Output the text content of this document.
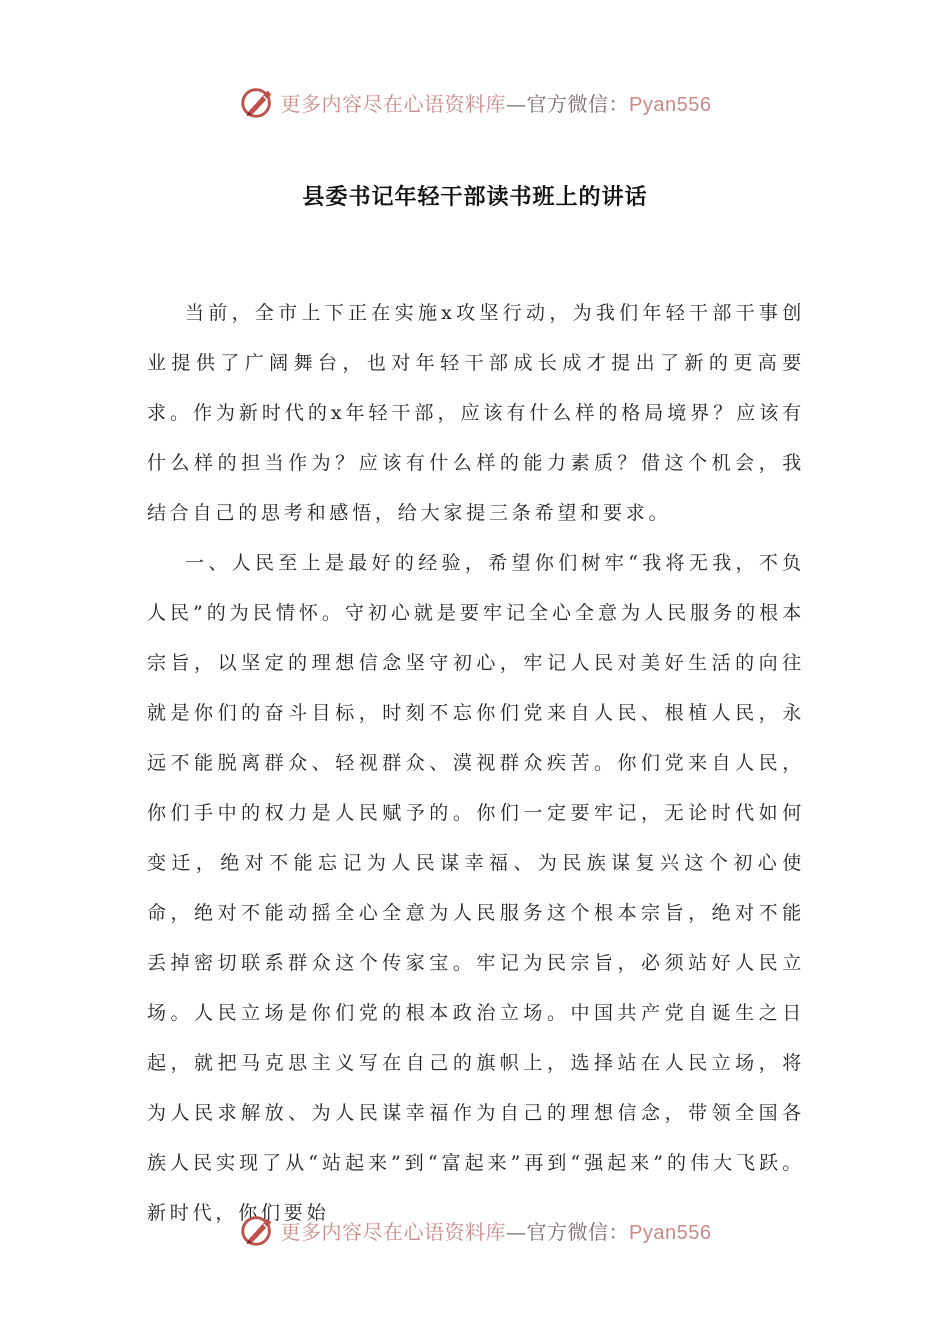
更多内容尽在心语资料库—官方微信：Pyan556
县委书记年轻干部读书班上的讲话

当前，全市上下正在实施x攻坚行动，为我们年轻干部干事创业提供了广阔舞台，也对年轻干部成长成才提出了新的更高要求。作为新时代的x年轻干部，应该有什么样的格局境界？应该有什么样的担当作为？应该有什么样的能力素质？借这个机会，我结合自己的思考和感悟，给大家提三条希望和要求。

一、人民至上是最好的经验，希望你们树牢“我将无我，不负人民”的为民情怀。守初心就是要牢记全心全意为人民服务的根本宗旨，以坚定的理想信念坚守初心，牢记人民对美好生活的向往就是你们的奋斗目标，时刻不忘你们党来自人民、根植人民，永远不能脱离群众、轻视群众、漠视群众疾苦。你们党来自人民，你们手中的权力是人民赋予的。你们一定要牢记，无论时代如何变迁，绝对不能忘记为人民谋幸福、为民族谋复兴这个初心使命，绝对不能动摇全心全意为人民服务这个根本宗旨，绝对不能丢掉密切联系群众这个传家宝。牢记为民宗旨，必须站好人民立场。人民立场是你们党的根本政治立场。中国共产党自诞生之日起，就把马克思主义写在自己的旗帜上，选择站在人民立场，将为人民求解放、为人民谋幸福作为自己的理想信念，带领全国各族人民实现了从“站起来”到“富起来”再到“强起来”的伟大飞跃。新时代，你们要始

更多内容尽在心语资料库—官方微信：Pyan556
